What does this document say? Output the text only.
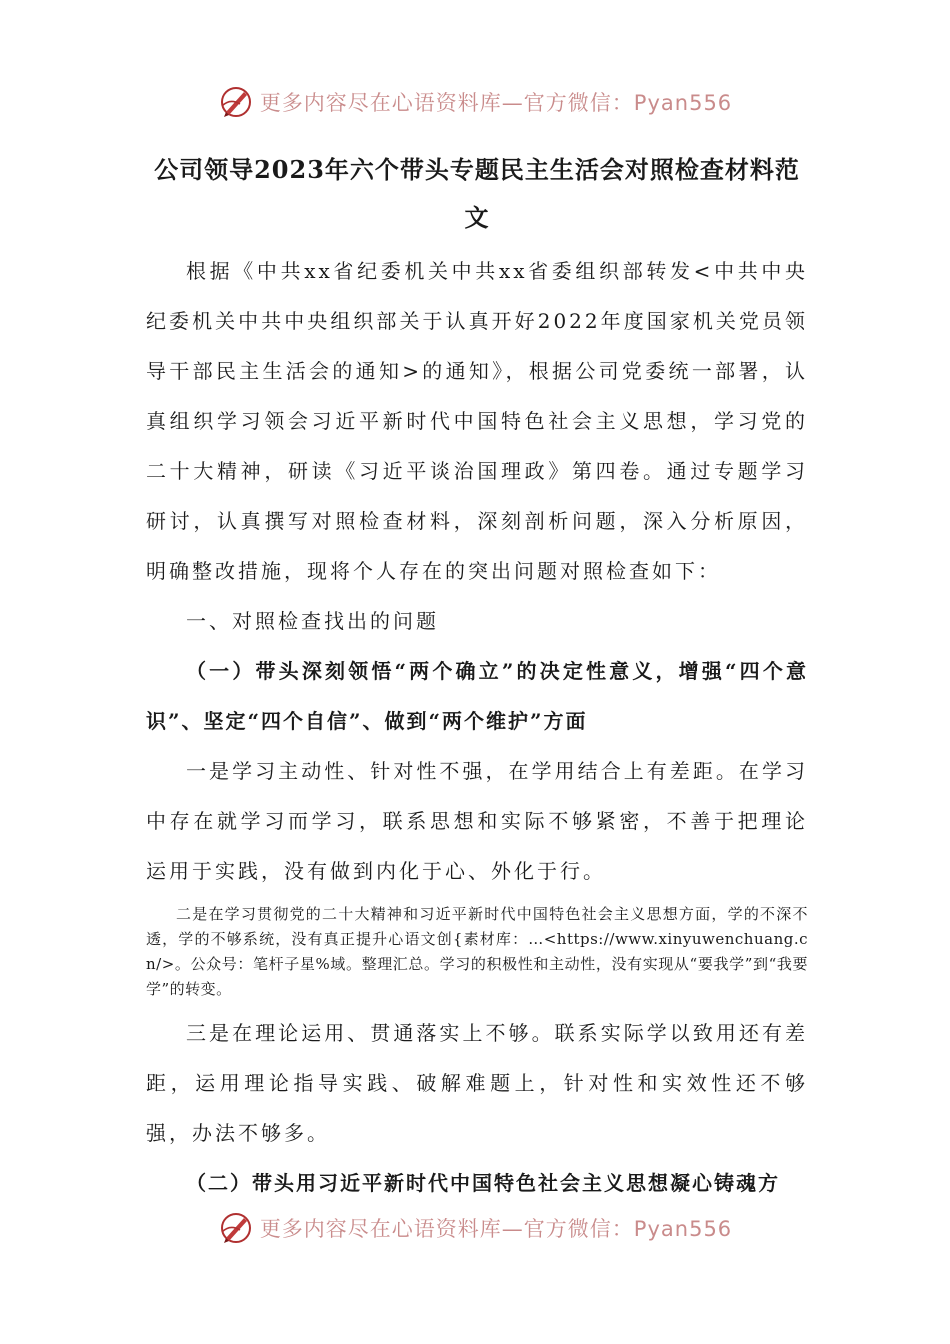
更多内容尽在心语资料库—官方微信：Pyan556
公司领导2023年六个带头专题民主生活会对照检查材料范文

根据《中共xx省纪委机关中共xx省委组织部转发<中共中央纪委机关中共中央组织部关于认真开好2022年度国家机关党员领导干部民主生活会的通知>的通知》，根据公司党委统一部署，认真组织学习领会习近平新时代中国特色社会主义思想，学习党的二十大精神，研读《习近平谈治国理政》第四卷。通过专题学习研讨，认真撰写对照检查材料，深刻剖析问题，深入分析原因，明确整改措施，现将个人存在的突出问题对照检查如下：

一、对照检查找出的问题

（一）带头深刻领悟“两个确立”的决定性意义，增强“四个意识”、坚定“四个自信”、做到“两个维护”方面

一是学习主动性、针对性不强，在学用结合上有差距。在学习中存在就学习而学习，联系思想和实际不够紧密，不善于把理论运用于实践，没有做到内化于心、外化于行。

二是在学习贯彻党的二十大精神和习近平新时代中国特色社会主义思想方面，学的不深不透，学的不够系统，没有真正提升心语文创{素材库：…<https://www.xinyuwenchuang.cn/>。公众号：笔杆子星%域。整理汇总。学习的积极性和主动性，没有实现从“要我学”到“我要学”的转变。

三是在理论运用、贯通落实上不够。联系实际学以致用还有差距，运用理论指导实践、破解难题上，针对性和实效性还不够强，办法不够多。

（二）带头用习近平新时代中国特色社会主义思想凝心铸魂方

更多内容尽在心语资料库—官方微信：Pyan556
